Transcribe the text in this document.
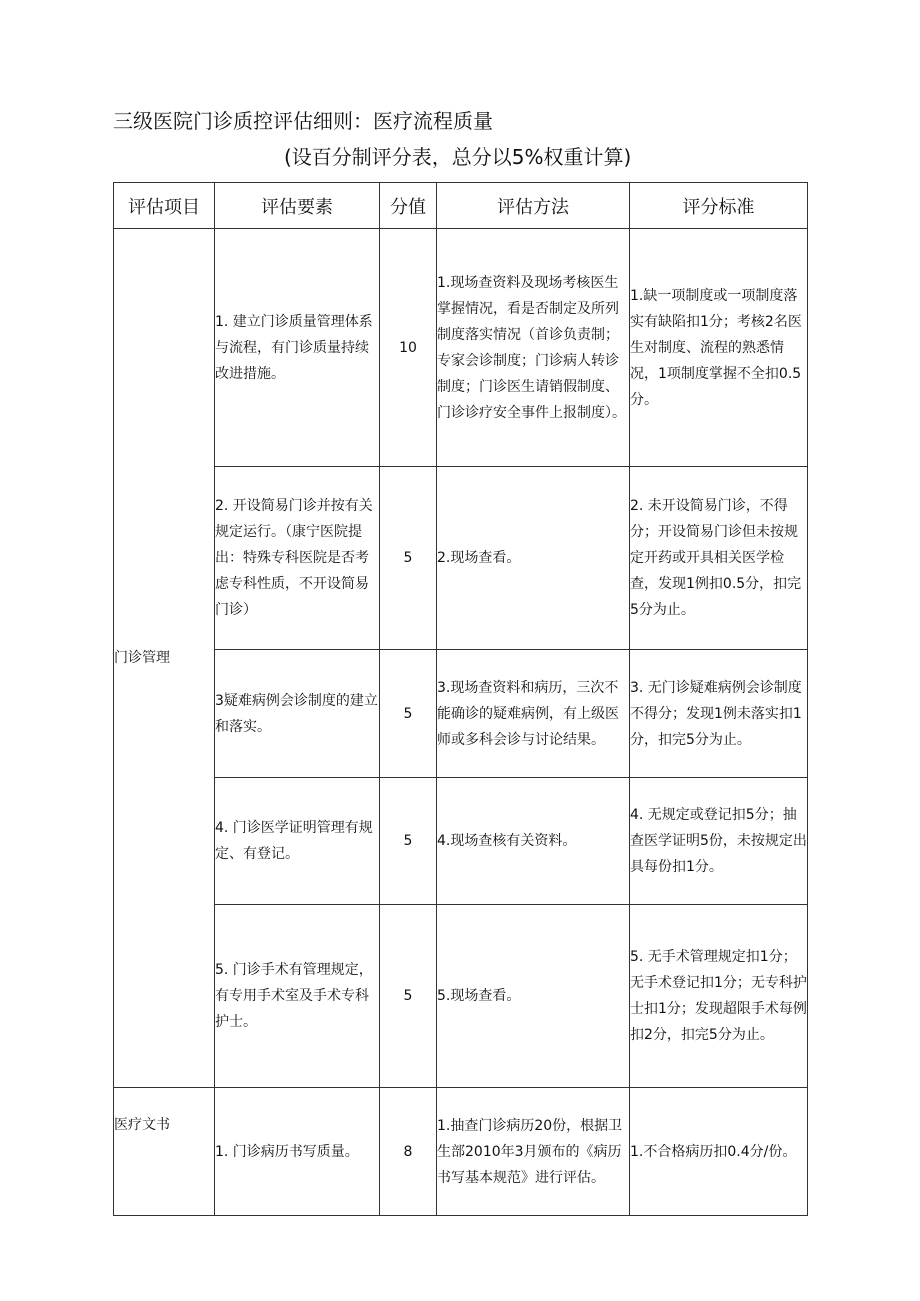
三级医院门诊质控评估细则：医疗流程质量
(设百分制评分表，总分以5%权重计算)
评估项目	评估要素	分值	评估方法	评分标准

门诊管理	1. 建立门诊质量管理体系与流程，有门诊质量持续改进措施。	10	1.现场查资料及现场考核医生掌握情况，看是否制定及所列制度落实情况（首诊负责制；专家会诊制度；门诊病人转诊制度；门诊医生请销假制度、门诊诊疗安全事件上报制度）。	1.缺一项制度或一项制度落实有缺陷扣1分；考核2名医生对制度、流程的熟悉情况，1项制度掌握不全扣0.5分。

	2. 开设简易门诊并按有关规定运行。（康宁医院提出：特殊专科医院是否考虑专科性质，不开设简易门诊）	5	2.现场查看。	2. 未开设简易门诊，不得分；开设简易门诊但未按规定开药或开具相关医学检查，发现1例扣0.5分，扣完5分为止。

	3疑难病例会诊制度的建立和落实。	5	3.现场查资料和病历，三次不能确诊的疑难病例，有上级医师或多科会诊与讨论结果。	3. 无门诊疑难病例会诊制度不得分；发现1例未落实扣1分，扣完5分为止。

	4. 门诊医学证明管理有规定、有登记。	5	4.现场查核有关资料。	4. 无规定或登记扣5分；抽查医学证明5份，未按规定出具每份扣1分。

	5. 门诊手术有管理规定，有专用手术室及手术专科护士。	5	5.现场查看。	5. 无手术管理规定扣1分；无手术登记扣1分；无专科护士扣1分；发现超限手术每例扣2分，扣完5分为止。

医疗文书	1. 门诊病历书写质量。	8	1.抽查门诊病历20份，根据卫生部2010年3月颁布的《病历书写基本规范》进行评估。	1.不合格病历扣0.4分/份。
